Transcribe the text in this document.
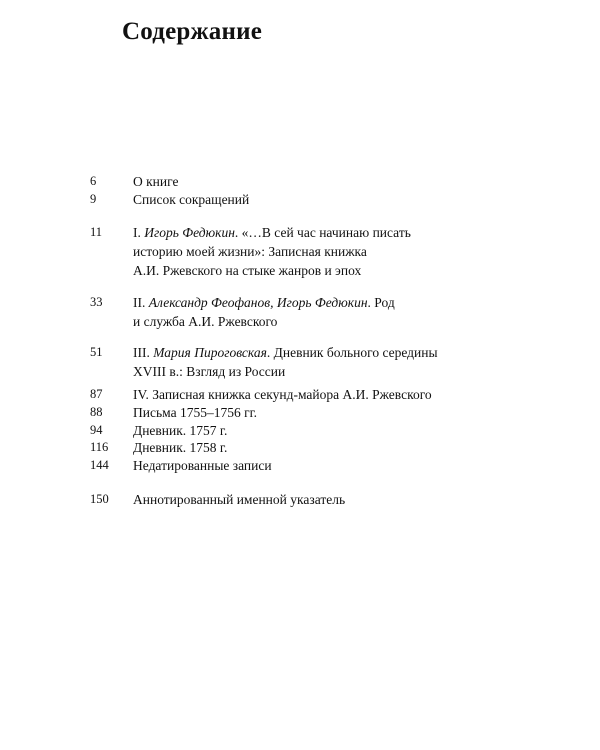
Содержание
6	О книге
9	Список сокращений
11	I. Игорь Федюкин. «…В сей час начинаю писать
историю моей жизни»: Записная книжка
А.И. Ржевского на стыке жанров и эпох
33	II. Александр Феофанов, Игорь Федюкин. Род
и служба А.И. Ржевского
51	III. Мария Пироговская. Дневник больного середины
XVIII в.: Взгляд из России
87	IV. Записная книжка секунд-майора А.И. Ржевского
88	Письма 1755–1756 гг.
94	Дневник. 1757 г.
116	Дневник. 1758 г.
144	Недатированные записи
150	Аннотированный именной указатель
